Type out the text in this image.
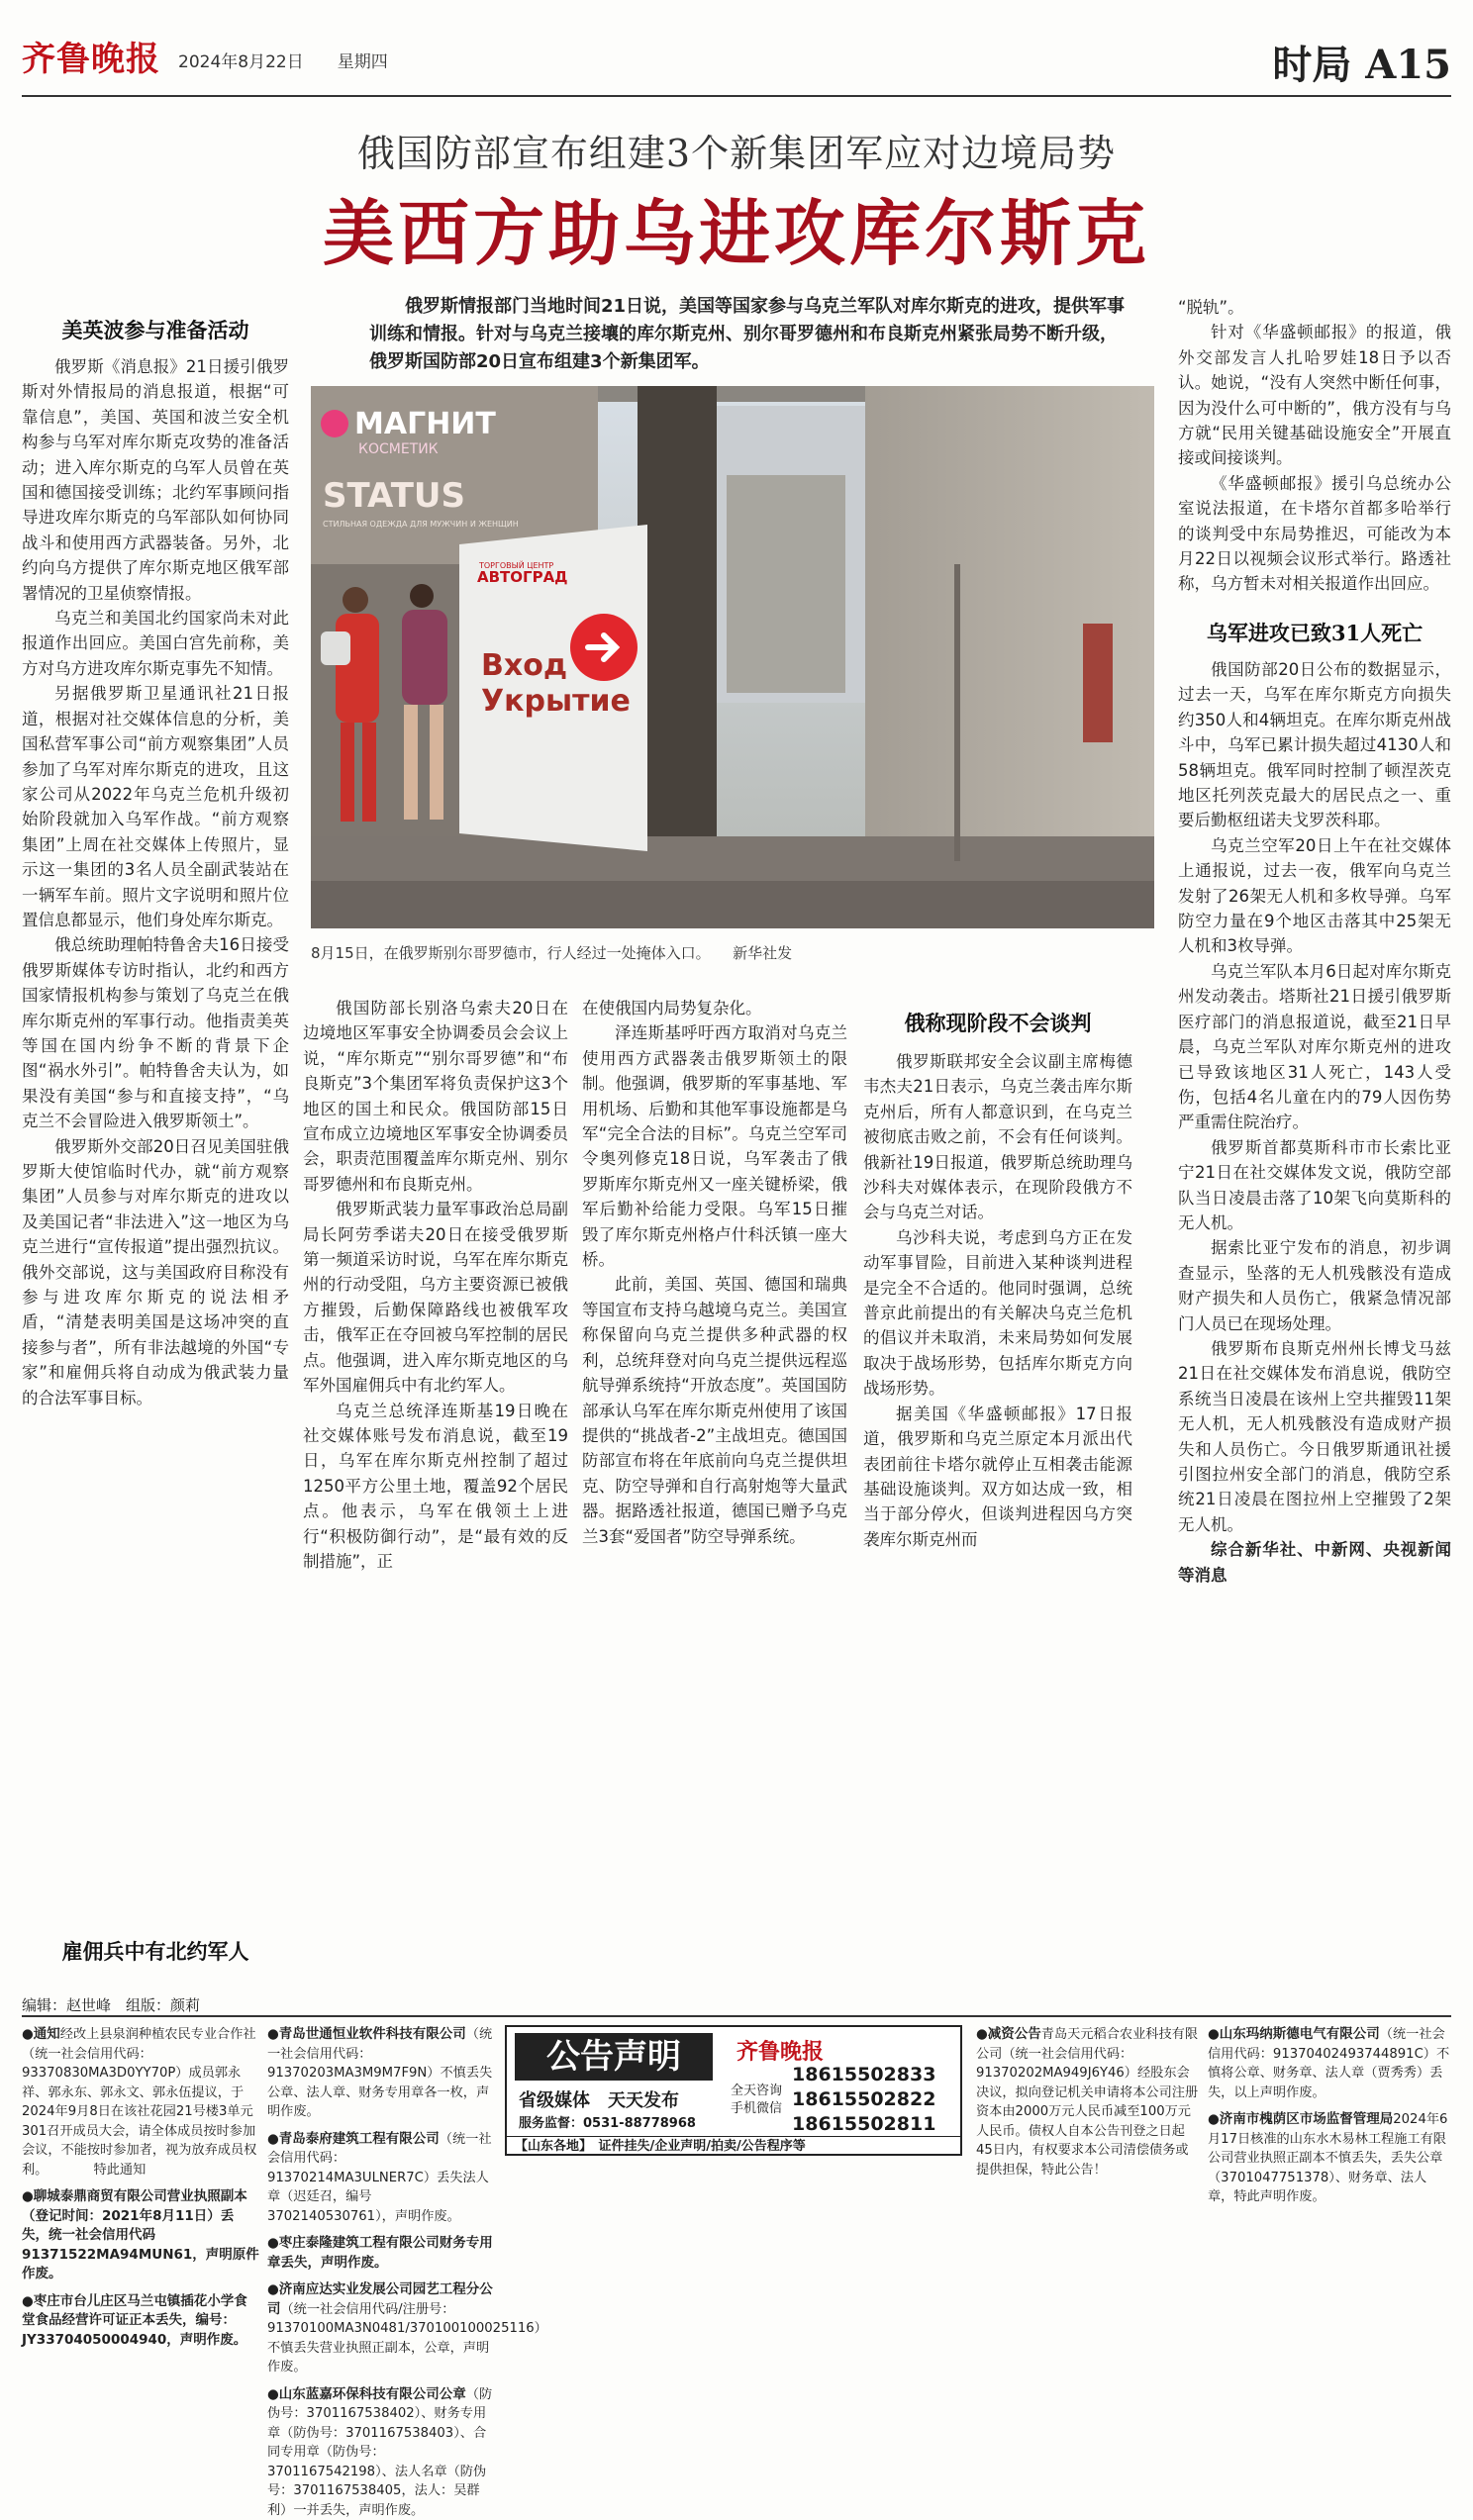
齐鲁晚报 2024年8月22日　　 星期四	时局 A15
俄国防部宣布组建3个新集团军应对边境局势
美西方助乌进攻库尔斯克
俄罗斯情报部门当地时间21日说，美国等国家参与乌克兰军队对库尔斯克的进攻，提供军事训练和情报。针对与乌克兰接壤的库尔斯克州、别尔哥罗德州和布良斯克州紧张局势不断升级，俄罗斯国防部20日宣布组建3个新集团军。
МАГНИТ
КОСМЕТИК
STATUS
СТИЛЬНАЯ ОДЕЖДА ДЛЯ МУЖЧИН И ЖЕНЩИН
ТОРГОВЫЙ ЦЕНТР
АВТОГРАД
Вход
Укрытие
8月15日，在俄罗斯别尔哥罗德市，行人经过一处掩体入口。　　新华社发
美英波参与准备活动

俄罗斯《消息报》21日援引俄罗斯对外情报局的消息报道，根据“可靠信息”，美国、英国和波兰安全机构参与乌军对库尔斯克攻势的准备活动；进入库尔斯克的乌军人员曾在英国和德国接受训练；北约军事顾问指导进攻库尔斯克的乌军部队如何协同战斗和使用西方武器装备。另外，北约向乌方提供了库尔斯克地区俄军部署情况的卫星侦察情报。

乌克兰和美国北约国家尚未对此报道作出回应。美国白宫先前称，美方对乌方进攻库尔斯克事先不知情。

另据俄罗斯卫星通讯社21日报道，根据对社交媒体信息的分析，美国私营军事公司“前方观察集团”人员参加了乌军对库尔斯克的进攻，且这家公司从2022年乌克兰危机升级初始阶段就加入乌军作战。“前方观察集团”上周在社交媒体上传照片，显示这一集团的3名人员全副武装站在一辆军车前。照片文字说明和照片位置信息都显示，他们身处库尔斯克。

俄总统助理帕特鲁舍夫16日接受俄罗斯媒体专访时指认，北约和西方国家情报机构参与策划了乌克兰在俄库尔斯克州的军事行动。他指责美英等国在国内纷争不断的背景下企图“祸水外引”。帕特鲁舍夫认为，如果没有美国“参与和直接支持”，“乌克兰不会冒险进入俄罗斯领土”。

俄罗斯外交部20日召见美国驻俄罗斯大使馆临时代办，就“前方观察集团”人员参与对库尔斯克的进攻以及美国记者“非法进入”这一地区为乌克兰进行“宣传报道”提出强烈抗议。俄外交部说，这与美国政府目称没有参与进攻库尔斯克的说法相矛盾，“清楚表明美国是这场冲突的直接参与者”，所有非法越境的外国“专家”和雇佣兵将自动成为俄武装力量的合法军事目标。

雇佣兵中有北约军人

俄国防部长别洛乌索夫20日在边境地区军事安全协调委员会会议上说，“库尔斯克”“别尔哥罗德”和“布良斯克”3个集团军将负责保护这3个地区的国土和民众。俄国防部15日宣布成立边境地区军事安全协调委员会，职责范围覆盖库尔斯克州、别尔哥罗德州和布良斯克州。

俄罗斯武装力量军事政治总局副局长阿劳季诺夫20日在接受俄罗斯第一频道采访时说，乌军在库尔斯克州的行动受阻，乌方主要资源已被俄方摧毁，后勤保障路线也被俄军攻击，俄军正在夺回被乌军控制的居民点。他强调，进入库尔斯克地区的乌军外国雇佣兵中有北约军人。

乌克兰总统泽连斯基19日晚在社交媒体账号发布消息说，截至19日，乌军在库尔斯克州控制了超过1250平方公里土地，覆盖92个居民点。他表示，乌军在俄领土上进行“积极防御行动”，是“最有效的反制措施”，正

在使俄国内局势复杂化。

泽连斯基呼吁西方取消对乌克兰使用西方武器袭击俄罗斯领土的限制。他强调，俄罗斯的军事基地、军用机场、后勤和其他军事设施都是乌军“完全合法的目标”。乌克兰空军司令奥列修克18日说，乌军袭击了俄罗斯库尔斯克州又一座关键桥梁，俄军后勤补给能力受限。乌军15日摧毁了库尔斯克州格卢什科沃镇一座大桥。

此前，美国、英国、德国和瑞典等国宣布支持乌越境乌克兰。美国宣称保留向乌克兰提供多种武器的权利，总统拜登对向乌克兰提供远程巡航导弹系统持“开放态度”。英国国防部承认乌军在库尔斯克州使用了该国提供的“挑战者-2”主战坦克。德国国防部宣布将在年底前向乌克兰提供坦克、防空导弹和自行高射炮等大量武器。据路透社报道，德国已赠予乌克兰3套“爱国者”防空导弹系统。

俄称现阶段不会谈判

俄罗斯联邦安全会议副主席梅德韦杰夫21日表示，乌克兰袭击库尔斯克州后，所有人都意识到，在乌克兰被彻底击败之前，不会有任何谈判。俄新社19日报道，俄罗斯总统助理乌沙科夫对媒体表示，在现阶段俄方不会与乌克兰对话。

乌沙科夫说，考虑到乌方正在发动军事冒险，目前进入某种谈判进程是完全不合适的。他同时强调，总统普京此前提出的有关解决乌克兰危机的倡议并未取消，未来局势如何发展取决于战场形势，包括库尔斯克方向战场形势。

据美国《华盛顿邮报》17日报道，俄罗斯和乌克兰原定本月派出代表团前往卡塔尔就停止互相袭击能源基础设施谈判。双方如达成一致，相当于部分停火，但谈判进程因乌方突袭库尔斯克州而

“脱轨”。

针对《华盛顿邮报》的报道，俄外交部发言人扎哈罗娃18日予以否认。她说，“没有人突然中断任何事，因为没什么可中断的”，俄方没有与乌方就“民用关键基础设施安全”开展直接或间接谈判。

《华盛顿邮报》援引乌总统办公室说法报道，在卡塔尔首都多哈举行的谈判受中东局势推迟，可能改为本月22日以视频会议形式举行。路透社称，乌方暂未对相关报道作出回应。

乌军进攻已致31人死亡

俄国防部20日公布的数据显示，过去一天，乌军在库尔斯克方向损失约350人和4辆坦克。在库尔斯克州战斗中，乌军已累计损失超过4130人和58辆坦克。俄军同时控制了顿涅茨克地区托列茨克最大的居民点之一、重要后勤枢纽诺夫戈罗茨科耶。

乌克兰空军20日上午在社交媒体上通报说，过去一夜，俄军向乌克兰发射了26架无人机和多枚导弹。乌军防空力量在9个地区击落其中25架无人机和3枚导弹。

乌克兰军队本月6日起对库尔斯克州发动袭击。塔斯社21日援引俄罗斯医疗部门的消息报道说，截至21日早晨，乌克兰军队对库尔斯克州的进攻已导致该地区31人死亡，143人受伤，包括4名儿童在内的79人因伤势严重需住院治疗。

俄罗斯首都莫斯科市市长索比亚宁21日在社交媒体发文说，俄防空部队当日凌晨击落了10架飞向莫斯科的无人机。

据索比亚宁发布的消息，初步调查显示，坠落的无人机残骸没有造成财产损失和人员伤亡，俄紧急情况部门人员已在现场处理。

俄罗斯布良斯克州州长博戈马兹21日在社交媒体发布消息说，俄防空系统当日凌晨在该州上空共摧毁11架无人机，无人机残骸没有造成财产损失和人员伤亡。今日俄罗斯通讯社援引图拉州安全部门的消息，俄防空系统21日凌晨在图拉州上空摧毁了2架无人机。

综合新华社、中新网、央视新闻等消息

编辑：赵世峰　组版：颜莉
●通知经改上县泉润种植农民专业合作社（统一社会信用代码：93370830MA3D0YY70P）成员郭永祥、郭永东、郭永文、郭永伍提议，于2024年9月8日在该社花园21号楼3单元301召开成员大会，请全体成员按时参加会议，不能按时参加者，视为放弃成员权利。　　　　特此通知
●聊城泰鼎商贸有限公司营业执照副本（登记时间：2021年8月11日）丢失，统一社会信用代码91371522MA94MUN61，声明原件作废。
●枣庄市台儿庄区马兰屯镇插花小学食堂食品经营许可证正本丢失，编号：JY33704050004940，声明作废。
●青岛世通恒业软件科技有限公司（统一社会信用代码：91370203MA3M9M7F9N）不慎丢失公章、法人章、财务专用章各一枚，声明作废。
●青岛泰府建筑工程有限公司（统一社会信用代码：91370214MA3ULNER7C）丢失法人章（迟廷召，编号3702140530761），声明作废。
●枣庄泰隆建筑工程有限公司财务专用章丢失，声明作废。
●济南应达实业发展公司园艺工程分公司（统一社会信用代码/注册号：91370100MA3N0481/370100100025116）不慎丢失营业执照正副本，公章，声明作废。
●山东蓝嘉环保科技有限公司公章（防伪号：3701167538402）、财务专用章（防伪号：3701167538403）、合同专用章（防伪号：3701167542198）、法人名章（防伪号：3701167538405，法人：吴群利）一并丢失，声明作废。
公告声明
省级媒体　天天发布
服务监督：0531-88778968
齐鲁晚报
全天咨询 手机微信
18615502833
18615502822
18615502811
【山东各地】　证件挂失/企业声明/拍卖/公告程序等
●减资公告青岛天元稻合农业科技有限公司（统一社会信用代码：91370202MA949J6Y46）经股东会决议，拟向登记机关申请将本公司注册资本由2000万元人民币减至100万元人民币。债权人自本公告刊登之日起45日内，有权要求本公司清偿债务或提供担保，特此公告！
●山东玛纳斯德电气有限公司（统一社会信用代码：91370402493744891C）不慎将公章、财务章、法人章（贾秀秀）丢失，以上声明作废。
●济南市槐荫区市场监督管理局2024年6月17日核准的山东水木易林工程施工有限公司营业执照正副本不慎丢失，丢失公章（3701047751378）、财务章、法人章，特此声明作废。
